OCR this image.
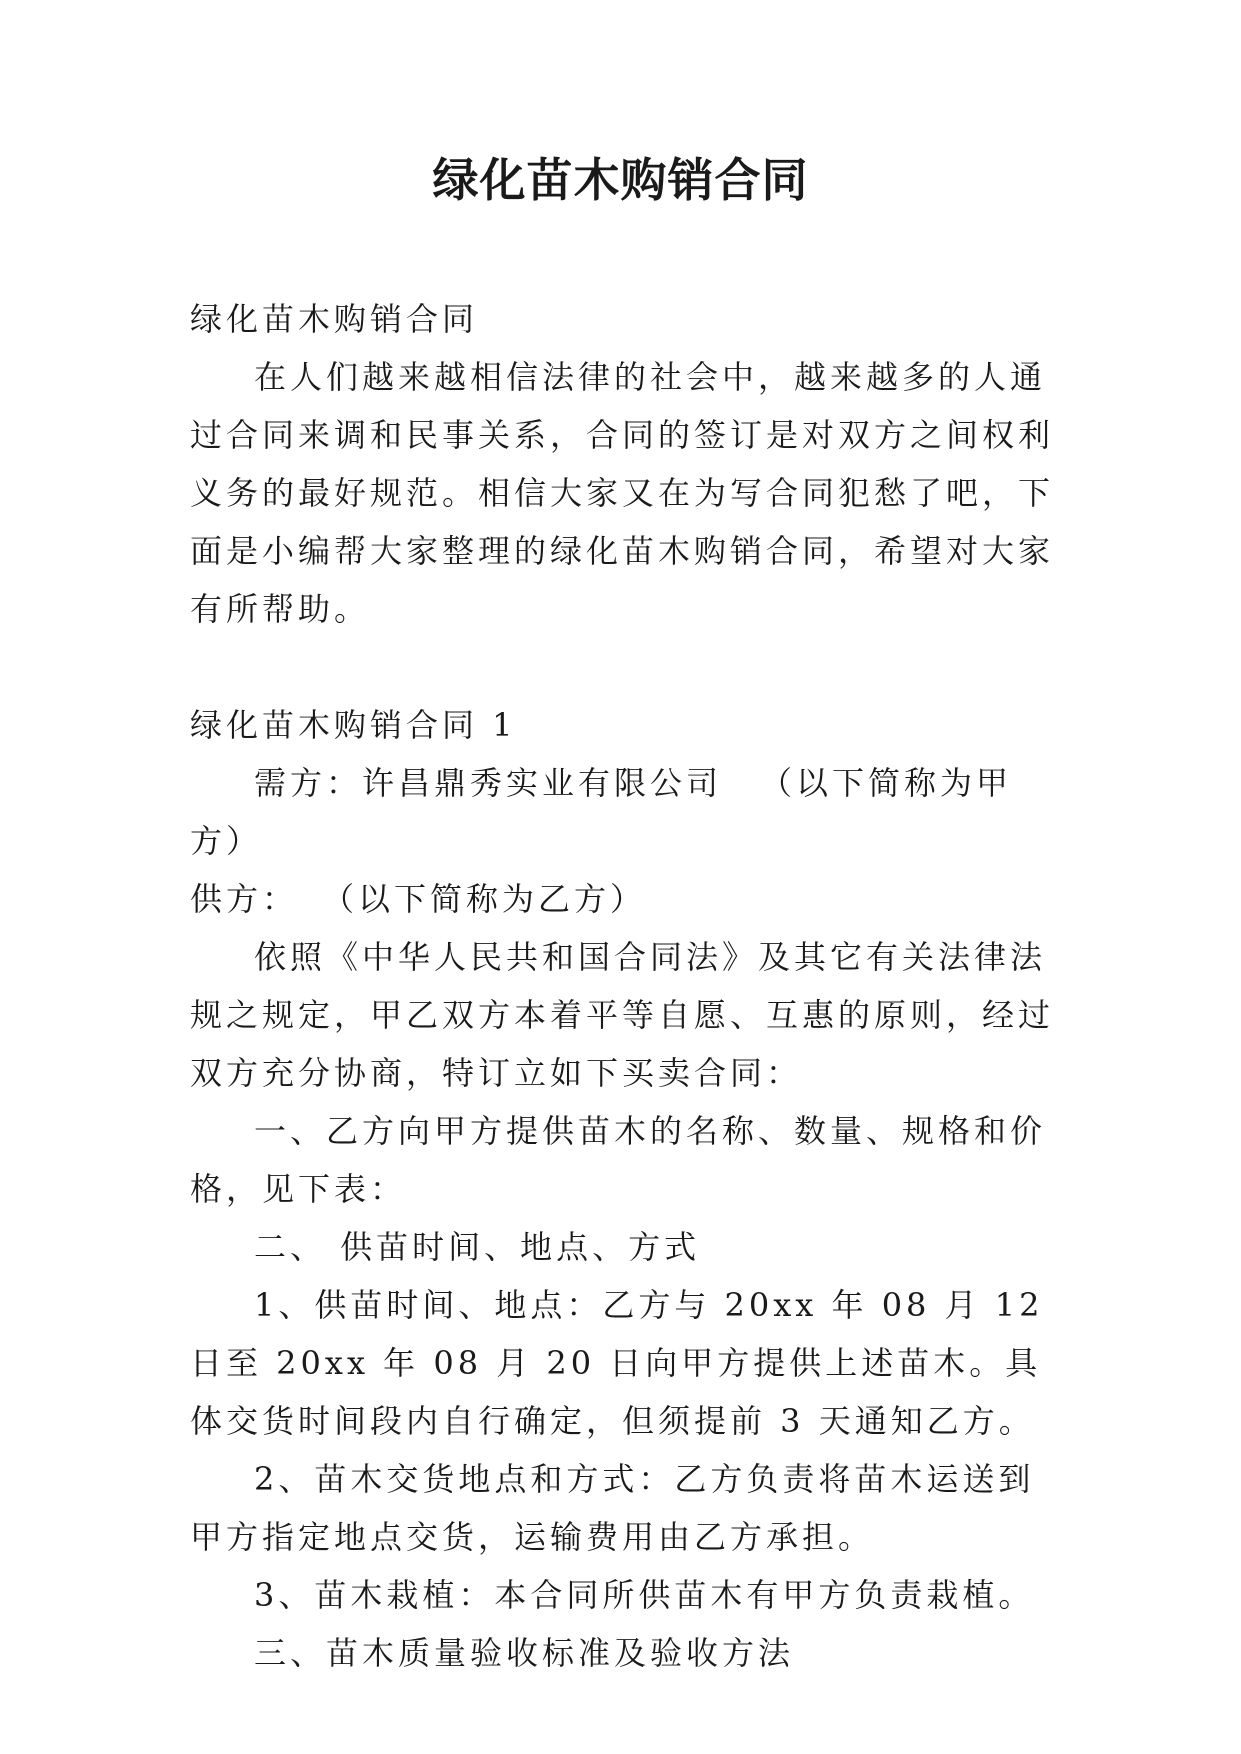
绿化苗木购销合同

绿化苗木购销合同

在人们越来越相信法律的社会中，越来越多的人通过合同来调和民事关系，合同的签订是对双方之间权利义务的最好规范。相信大家又在为写合同犯愁了吧，下面是小编帮大家整理的绿化苗木购销合同，希望对大家有所帮助。

绿化苗木购销合同 1

需方：许昌鼎秀实业有限公司 （以下简称为甲方）

供方： （以下简称为乙方）

依照《中华人民共和国合同法》及其它有关法律法规之规定，甲乙双方本着平等自愿、互惠的原则，经过双方充分协商，特订立如下买卖合同：

一、乙方向甲方提供苗木的名称、数量、规格和价格，见下表：

二、 供苗时间、地点、方式

1、供苗时间、地点：乙方与 20xx 年 08 月 12 日至 20xx 年 08 月 20 日向甲方提供上述苗木。具体交货时间段内自行确定，但须提前 3 天通知乙方。

2、苗木交货地点和方式：乙方负责将苗木运送到甲方指定地点交货，运输费用由乙方承担。

3、苗木栽植：本合同所供苗木有甲方负责栽植。

三、苗木质量验收标准及验收方法
